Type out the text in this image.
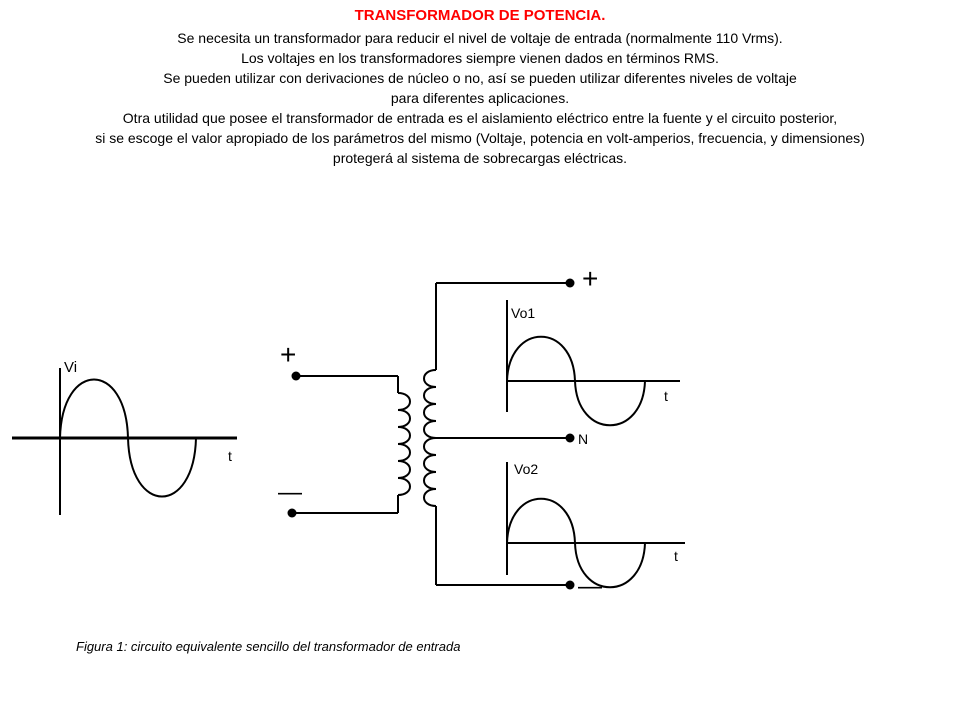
TRANSFORMADOR DE POTENCIA.
Se necesita un transformador para reducir el nivel de voltaje de entrada (normalmente 110 Vrms).
Los voltajes en los transformadores siempre vienen dados en términos RMS.
Se pueden utilizar con derivaciones de núcleo o no, así se pueden utilizar diferentes niveles de voltaje
para diferentes aplicaciones.
Otra utilidad que posee el transformador de entrada es el aislamiento eléctrico entre la fuente y el circuito posterior,
si se escoge el valor apropiado de los parámetros del mismo (Voltaje, potencia en volt-amperios, frecuencia, y dimensiones)
protegerá al sistema de sobrecargas eléctricas.
Vi
t
+
—
+
—
N
Vo1
t
Vo2
t
Figura 1: circuito equivalente sencillo del transformador de entrada
